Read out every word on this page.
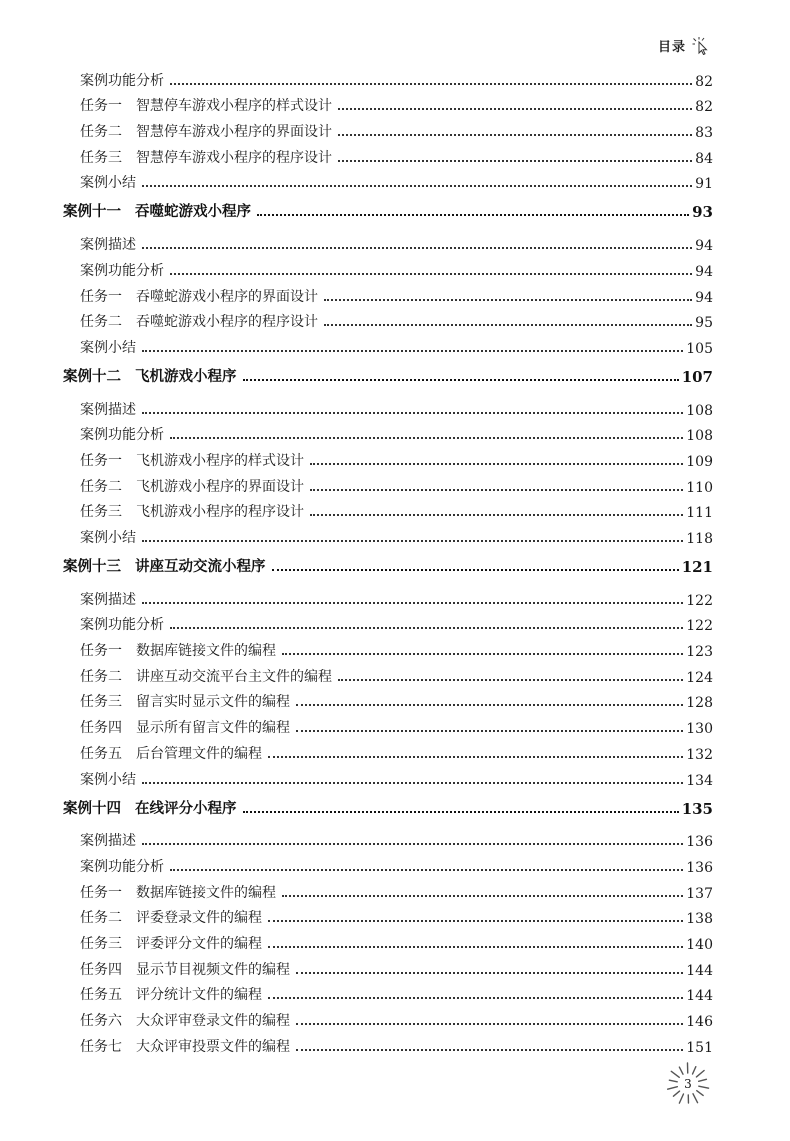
目录
案例功能分析	82
任务一 智慧停车游戏小程序的样式设计	82
任务二 智慧停车游戏小程序的界面设计	83
任务三 智慧停车游戏小程序的程序设计	84
案例小结	91
案例十一 吞噬蛇游戏小程序	93
案例描述	94
案例功能分析	94
任务一 吞噬蛇游戏小程序的界面设计	94
任务二 吞噬蛇游戏小程序的程序设计	95
案例小结	105
案例十二 飞机游戏小程序	107
案例描述	108
案例功能分析	108
任务一 飞机游戏小程序的样式设计	109
任务二 飞机游戏小程序的界面设计	110
任务三 飞机游戏小程序的程序设计	111
案例小结	118
案例十三 讲座互动交流小程序	121
案例描述	122
案例功能分析	122
任务一 数据库链接文件的编程	123
任务二 讲座互动交流平台主文件的编程	124
任务三 留言实时显示文件的编程	128
任务四 显示所有留言文件的编程	130
任务五 后台管理文件的编程	132
案例小结	134
案例十四 在线评分小程序	135
案例描述	136
案例功能分析	136
任务一 数据库链接文件的编程	137
任务二 评委登录文件的编程	138
任务三 评委评分文件的编程	140
任务四 显示节目视频文件的编程	144
任务五 评分统计文件的编程	144
任务六 大众评审登录文件的编程	146
任务七 大众评审投票文件的编程	151
3
